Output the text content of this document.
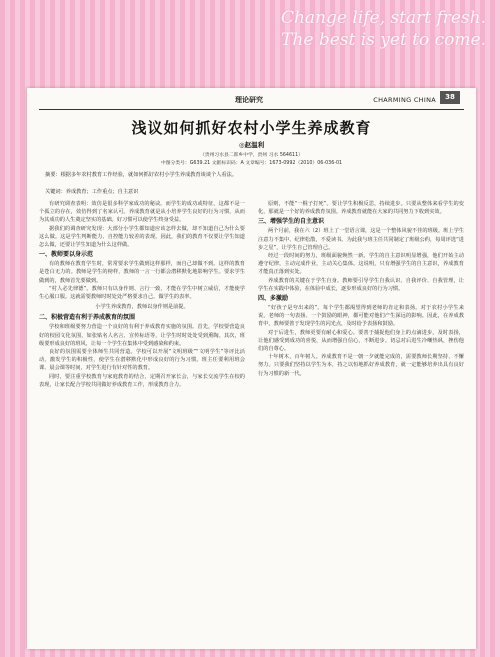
Change life, start fresh.
The best is yet to come.
理论研究	CHARMING CHINA	38
浅议如何抓好农村小学生养成教育
◎赵温利
（贵州习水县二郎乡中学，贵州 习水 564611）
中图分类号：G639.21 文献标识码：A 文章编号：1673-0992（2010）06-036-01
摘要：根据多年农村教育工作经验，就如何抓好农村小学生养成教育谈谈个人看法。
关键词：养成教育；工作重点；自主意识

有研究调查表明：效仿是很多科学家成功的秘诀。而学生的成功或特征，这都不是一个孤立的存在，效仿得到了名家认可。养成教育就是从小培养学生良好的行为习惯，从而为其成功的人生奠定坚实的基础。好习惯可以使学生终身受益。

据我们的调查研究发现：大部分小学生都知道应该怎样去做，却不知道自己为什么要这么做。这是学生判断能力、自控能力较差的表现。因此，我们的教育不仅要让学生知道怎么做，还要让学生知道为什么这样做。

一、教师要以身示范

有的教师在教育学生时，常常要求学生做到这样那样，而自己却做不到。这样的教育是苍白无力的。教师是学生的榜样，教师的一言一行都会潜移默化地影响学生。要求学生做到的，教师首先要做到。

“村人必先律德”。教师只有以身作则、言行一致，才能在学生中树立威信，才能使学生心服口服。这就需要教师时时处处严格要求自己，做学生的表率。

小学生养成教育，教师以身作则是前提。

二、积极营造有利于养成教育的氛围

学校和班级要努力营造一个良好的有利于养成教育实施的氛围。首先，学校要营造良好的校园文化氛围，如张贴名人名言、宣传标语等，让学生时时处处受到熏陶。其次，班级要形成良好的班风，让每一个学生在集体中受到感染和约束。

良好的氛围需要全体师生共同营造。学校可以开展“文明班级”“文明学生”等评比活动，激发学生的积极性，使学生在潜移默化中形成良好的行为习惯。班主任要利用班会课、晨会课等时间，对学生进行有针对性的教育。

同时，要注重学校教育与家庭教育的结合，定期召开家长会，与家长交流学生在校的表现，让家长配合学校共同做好养成教育工作，形成教育合力。

原则，不能“一棍子打死”。要让学生积极反思，持续进步。只要从整体来看学生的变化，那就是一个好的养成教育氛围。养成教育就能在大家的共同努力下收到实效。

三、增强学生的自主意识

两个月前，我在六（2）班上了一堂语言课，这是一个整体风貌不佳的班级。班上学生注意力不集中、纪律松散，不爱读书。为此我与班主任共同制定了班级公约，每周评选“进步之星”，让学生自己管理自己。

经过一段时间的努力，班级面貌焕然一新。学生的自主意识明显增强，他们开始主动遵守纪律，主动完成作业，主动关心集体。这说明，只有增强学生的自主意识，养成教育才能真正落到实处。

养成教育的关键在于学生自身。教师要引导学生自我认识、自我评价、自我管理，让学生在实践中体验，在体验中成长，逐步形成良好的行为习惯。

四、多激励

“好孩子是夸出来的”。每个学生都渴望得到老师的肯定和表扬。对于农村小学生来说，老师的一句表扬、一个鼓励的眼神，都可能对他们产生深远的影响。因此，在养成教育中，教师要善于发现学生的闪光点，及时给予表扬和鼓励。

对于后进生，教师更要有耐心和爱心。要善于捕捉他们身上的点滴进步，及时表扬，让他们感受到成功的喜悦，从而增强自信心，不断进步。切忌对后进生冷嘲热讽，挫伤他们的自尊心。

十年树木，百年树人。养成教育不是一朝一夕就能完成的，需要教师长期坚持、不懈努力。只要我们坚持以学生为本，持之以恒地抓好养成教育，就一定能够培养出具有良好行为习惯的新一代。
